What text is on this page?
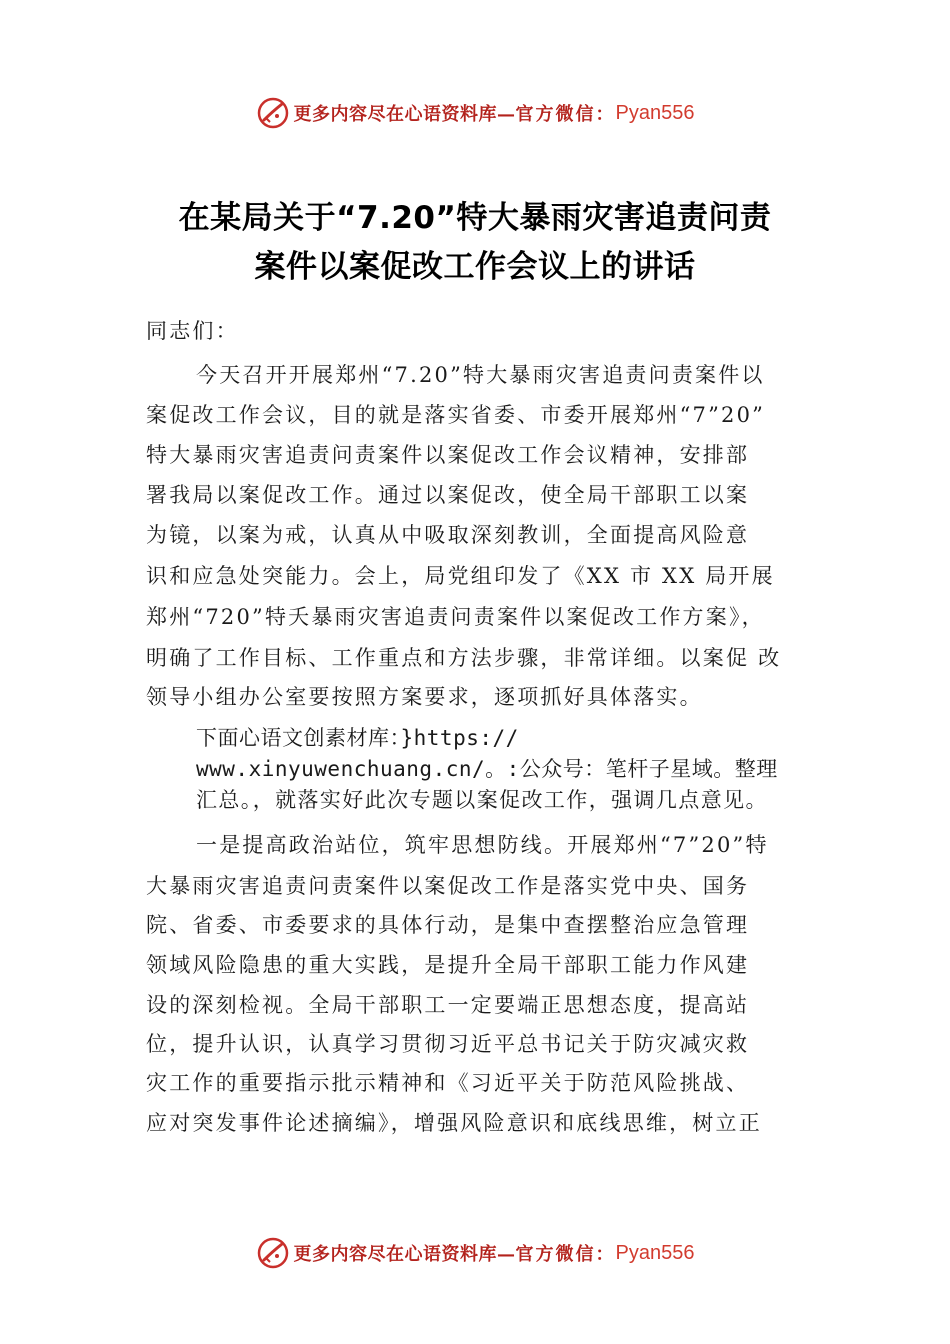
更多内容尽在心语资料库— 官方微信： Pyan556
在某局关于“7.20”特大暴雨灾害追责问责
案件以案促改工作会议上的讲话
同志们：
今天召开开展郑州“7.20”特大暴雨灾害追责问责案件以
案促改工作会议，目的就是落实省委、市委开展郑州“7”20”
特大暴雨灾害追责问责案件以案促改工作会议精神，安排部
署我局以案促改工作。通过以案促改，使全局干部职工以案
为镜，以案为戒，认真从中吸取深刻教训，全面提高风险意
识和应急处突能力。会上，局党组印发了《XX 市 XX 局开展
郑州“720”特夭暴雨灾害追责问责案件以案促改工作方案》，
明确了工作目标、工作重点和方法步骤，非常详细。以案促 改
领导小组办公室要按照方案要求，逐项抓好具体落实。
下面心语文创素材库：}https://
www.xinyuwenchuang.cn/。:公众号：笔杆子星域。整理
汇总。，就落实好此次专题以案促改工作，强调几点意见。
一是提高政治站位，筑牢思想防线。开展郑州“7”20”特
大暴雨灾害追责问责案件以案促改工作是落实党中央、国务
院、省委、市委要求的具体行动，是集中查摆整治应急管理
领域风险隐患的重大实践，是提升全局干部职工能力作风建
设的深刻检视。全局干部职工一定要端正思想态度，提高站
位，提升认识，认真学习贯彻习近平总书记关于防灾减灾救
灾工作的重要指示批示精神和《习近平关于防范风险挑战、
应对突发事件论述摘编》，增强风险意识和底线思维，树立正
更多内容尽在心语资料库— 官方微信： Pyan556
